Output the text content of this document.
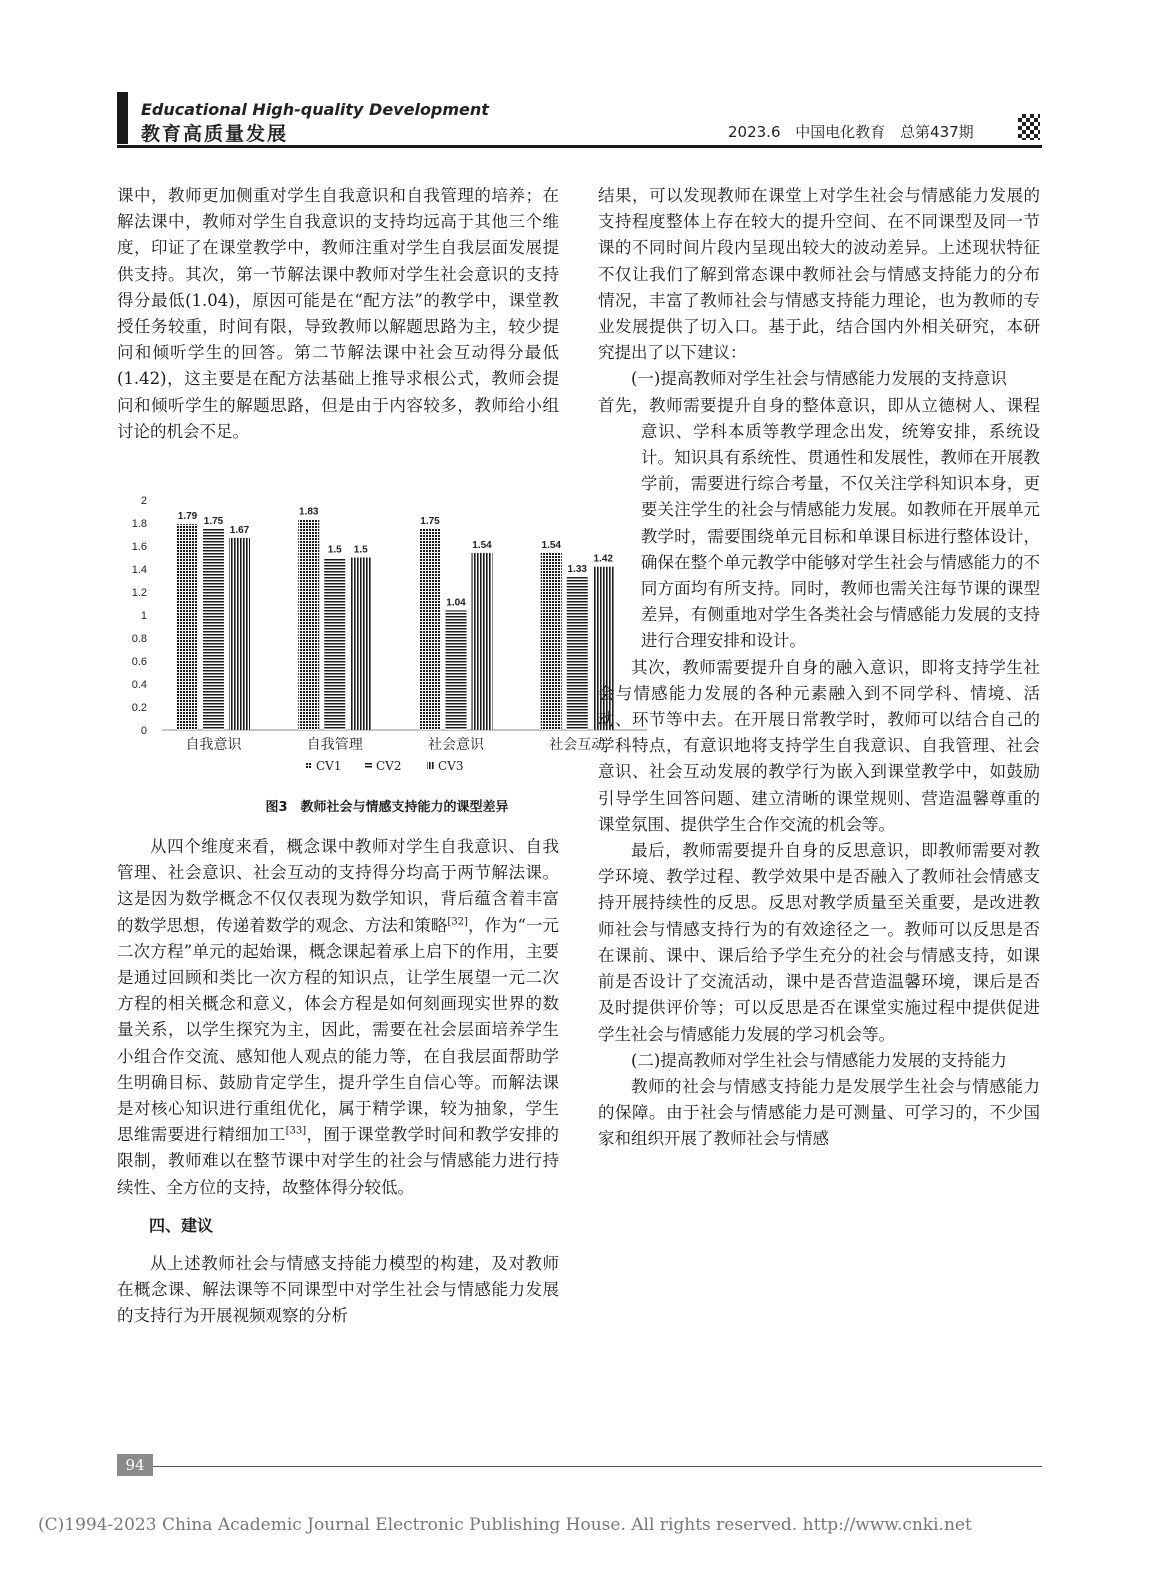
Educational High-quality Development
教育高质量发展	2023.6 中国电化教育 总第437期

课中，教师更加侧重对学生自我意识和自我管理的培养；在解法课中，教师对学生自我意识的支持均远高于其他三个维度，印证了在课堂教学中，教师注重对学生自我层面发展提供支持。其次，第一节解法课中教师对学生社会意识的支持得分最低(1.04)，原因可能是在“配方法”的教学中，课堂教授任务较重，时间有限，导致教师以解题思路为主，较少提问和倾听学生的回答。第二节解法课中社会互动得分最低(1.42)，这主要是在配方法基础上推导求根公式，教师会提问和倾听学生的解题思路，但是由于内容较多，教师给小组讨论的机会不足。

0
0.2
0.4
0.6
0.8
1
1.2
1.4
1.6
1.8
2
1.79 1.75
1.67
自我意识
1.83
1.5 1.5
自我管理
1.75
1.04
1.54
社会意识
1.54
1.33
1.42
社会互动
CV1	CV2	CV3
图3　教师社会与情感支持能力的课型差异

从四个维度来看，概念课中教师对学生自我意识、自我管理、社会意识、社会互动的支持得分均高于两节解法课。这是因为数学概念不仅仅表现为数学知识，背后蕴含着丰富的数学思想，传递着数学的观念、方法和策略[32]，作为“一元二次方程”单元的起始课，概念课起着承上启下的作用，主要是通过回顾和类比一次方程的知识点，让学生展望一元二次方程的相关概念和意义，体会方程是如何刻画现实世界的数量关系，以学生探究为主，因此，需要在社会层面培养学生小组合作交流、感知他人观点的能力等，在自我层面帮助学生明确目标、鼓励肯定学生，提升学生自信心等。而解法课是对核心知识进行重组优化，属于精学课，较为抽象，学生思维需要进行精细加工[33]，囿于课堂教学时间和教学安排的限制，教师难以在整节课中对学生的社会与情感能力进行持续性、全方位的支持，故整体得分较低。

四、建议

从上述教师社会与情感支持能力模型的构建，及对教师在概念课、解法课等不同课型中对学生社会与情感能力发展的支持行为开展视频观察的分析

结果，可以发现教师在课堂上对学生社会与情感能力发展的支持程度整体上存在较大的提升空间、在不同课型及同一节课的不同时间片段内呈现出较大的波动差异。上述现状特征不仅让我们了解到常态课中教师社会与情感支持能力的分布情况，丰富了教师社会与情感支持能力理论，也为教师的专业发展提供了切入口。基于此，结合国内外相关研究，本研究提出了以下建议：

(一)提高教师对学生社会与情感能力发展的支持意识

首先，教师需要提升自身的整体意识，即从立德树人、课程意识、学科本质等教学理念出发，统筹安排，系统设计。知识具有系统性、贯通性和发展性，教师在开展教学前，需要进行综合考量，不仅关注学科知识本身，更要关注学生的社会与情感能力发展。如教师在开展单元教学时，需要围绕单元目标和单课目标进行整体设计，确保在整个单元教学中能够对学生社会与情感能力的不同方面均有所支持。同时，教师也需关注每节课的课型差异，有侧重地对学生各类社会与情感能力发展的支持进行合理安排和设计。

其次，教师需要提升自身的融入意识，即将支持学生社会与情感能力发展的各种元素融入到不同学科、情境、活动、环节等中去。在开展日常教学时，教师可以结合自己的学科特点，有意识地将支持学生自我意识、自我管理、社会意识、社会互动发展的教学行为嵌入到课堂教学中，如鼓励引导学生回答问题、建立清晰的课堂规则、营造温馨尊重的课堂氛围、提供学生合作交流的机会等。

最后，教师需要提升自身的反思意识，即教师需要对教学环境、教学过程、教学效果中是否融入了教师社会情感支持开展持续性的反思。反思对教学质量至关重要，是改进教师社会与情感支持行为的有效途径之一。教师可以反思是否在课前、课中、课后给予学生充分的社会与情感支持，如课前是否设计了交流活动，课中是否营造温馨环境，课后是否及时提供评价等；可以反思是否在课堂实施过程中提供促进学生社会与情感能力发展的学习机会等。

(二)提高教师对学生社会与情感能力发展的支持能力

教师的社会与情感支持能力是发展学生社会与情感能力的保障。由于社会与情感能力是可测量、可学习的，不少国家和组织开展了教师社会与情感

94
(C)1994-2023 China Academic Journal Electronic Publishing House. All rights reserved. http://www.cnki.net
